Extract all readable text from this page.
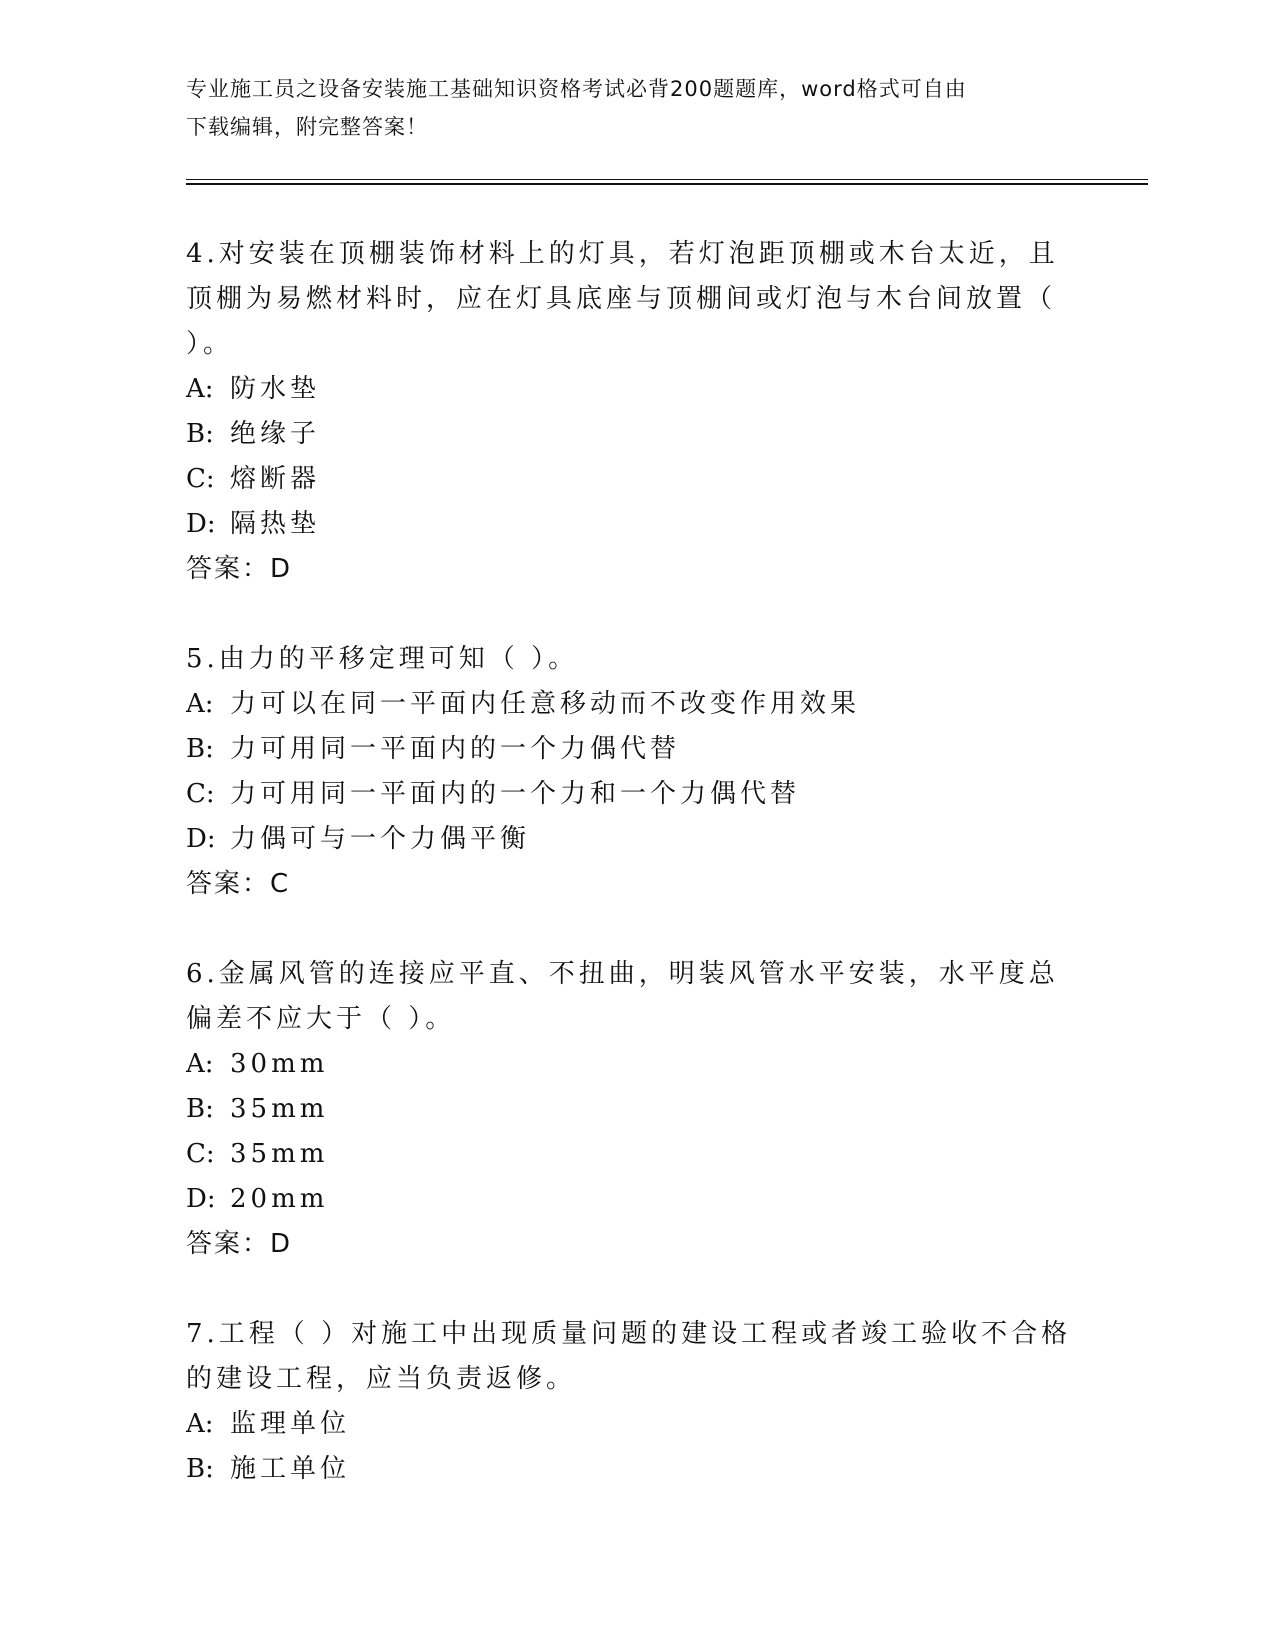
专业施工员之设备安装施工基础知识资格考试必背200题题库，word格式可自由
下载编辑，附完整答案！

4.对安装在顶棚装饰材料上的灯具，若灯泡距顶棚或木台太近，且顶棚为易燃材料时，应在灯具底座与顶棚间或灯泡与木台间放置（ ）。

A: 防水垫
B: 绝缘子
C: 熔断器
D: 隔热垫

答案：D

5.由力的平移定理可知（ ）。

A: 力可以在同一平面内任意移动而不改变作用效果
B: 力可用同一平面内的一个力偶代替
C: 力可用同一平面内的一个力和一个力偶代替
D: 力偶可与一个力偶平衡

答案：C

6.金属风管的连接应平直、不扭曲，明装风管水平安装，水平度总偏差不应大于（ ）。

A: 30mm
B: 35mm
C: 35mm
D: 20mm

答案：D

7.工程（ ）对施工中出现质量问题的建设工程或者竣工验收不合格的建设工程，应当负责返修。

A: 监理单位
B: 施工单位
